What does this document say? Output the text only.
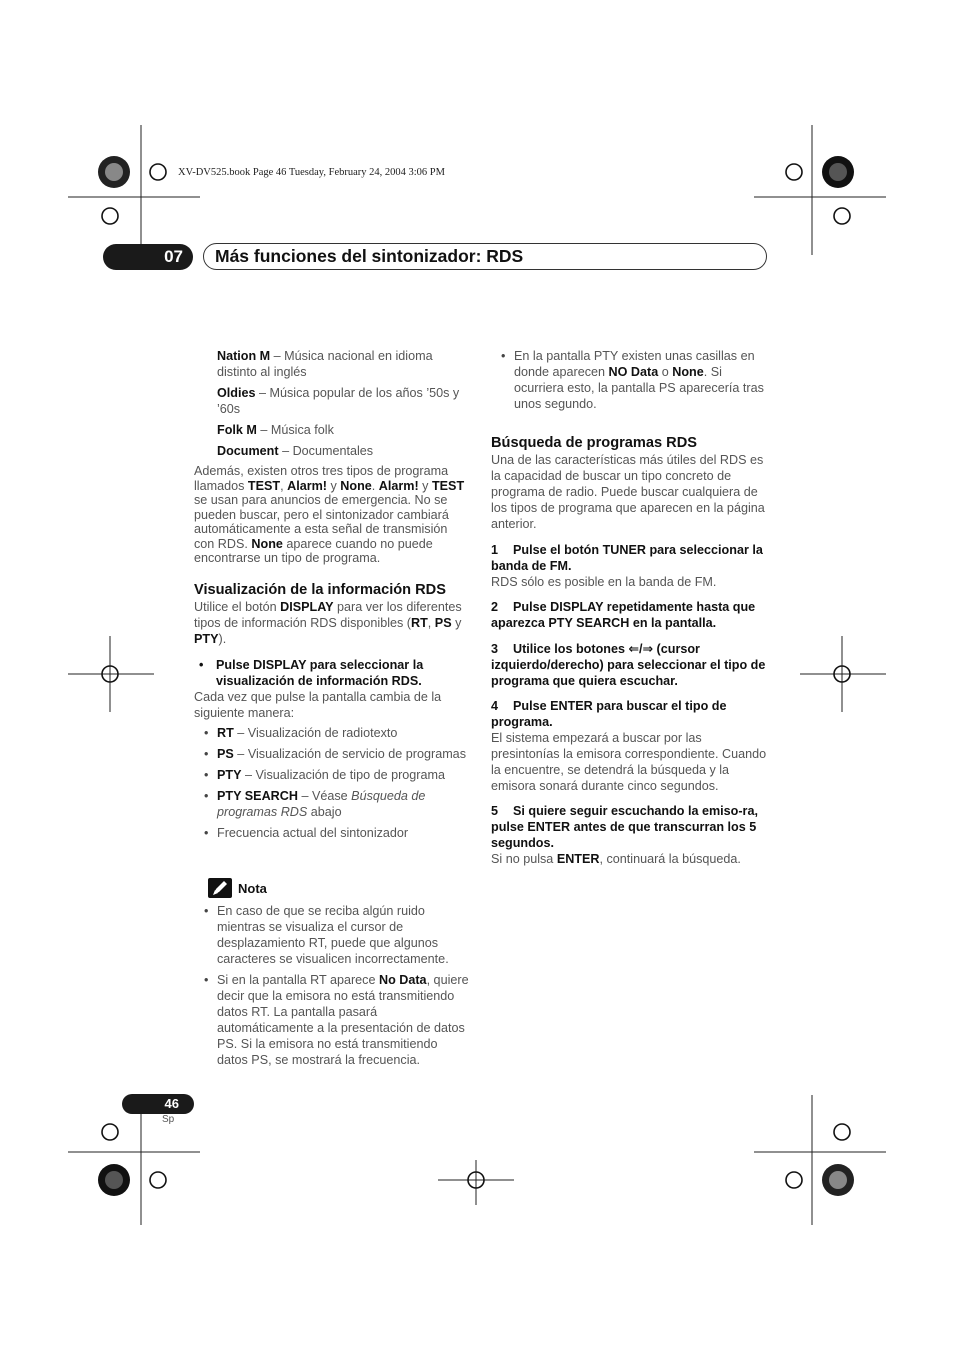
XV-DV525.book Page 46 Tuesday, February 24, 2004 3:06 PM
07	Más funciones del sintonizador: RDS

Nation M – Música nacional en idioma distinto al inglés

Oldies – Música popular de los años ’50s y ’60s

Folk M – Música folk

Document – Documentales

Además, existen otros tres tipos de programa llamados TEST, Alarm! y None. Alarm! y TEST se usan para anuncios de emergencia. No se pueden buscar, pero el sintonizador cambiará automáticamente a esta señal de transmisión con RDS. None aparece cuando no puede encontrarse un tipo de programa.

Visualización de la información RDS

Utilice el botón DISPLAY para ver los diferentes tipos de información RDS disponibles (RT, PS y PTY).

• Pulse DISPLAY para seleccionar la visualización de información RDS.

Cada vez que pulse la pantalla cambia de la siguiente manera:

• RT – Visualización de radiotexto

• PS – Visualización de servicio de programas

• PTY – Visualización de tipo de programa

• PTY SEARCH – Véase Búsqueda de programas RDS abajo

• Frecuencia actual del sintonizador

Nota

• En caso de que se reciba algún ruido mientras se visualiza el cursor de desplazamiento RT, puede que algunos caracteres se visualicen incorrectamente.

• Si en la pantalla RT aparece No Data, quiere decir que la emisora no está transmitiendo datos RT. La pantalla pasará automáticamente a la presentación de datos PS. Si la emisora no está transmitiendo datos PS, se mostrará la frecuencia.

• En la pantalla PTY existen unas casillas en donde aparecen NO Data o None. Si ocurriera esto, la pantalla PS aparecería tras unos segundo.

Búsqueda de programas RDS

Una de las características más útiles del RDS es la capacidad de buscar un tipo concreto de programa de radio. Puede buscar cualquiera de los tipos de programa que aparecen en la página anterior.

1 Pulse el botón TUNER para seleccionar la banda de FM.

RDS sólo es posible en la banda de FM.

2 Pulse DISPLAY repetidamente hasta que aparezca PTY SEARCH en la pantalla.

3 Utilice los botones ⇐/⇒ (cursor izquierdo/derecho) para seleccionar el tipo de programa que quiera escuchar.

4 Pulse ENTER para buscar el tipo de programa.

El sistema empezará a buscar por las presintonías la emisora correspondiente. Cuando la encuentre, se detendrá la búsqueda y la emisora sonará durante cinco segundos.

5 Si quiere seguir escuchando la emiso-ra, pulse ENTER antes de que transcurran los 5 segundos.

Si no pulsa ENTER, continuará la búsqueda.

46
Sp
